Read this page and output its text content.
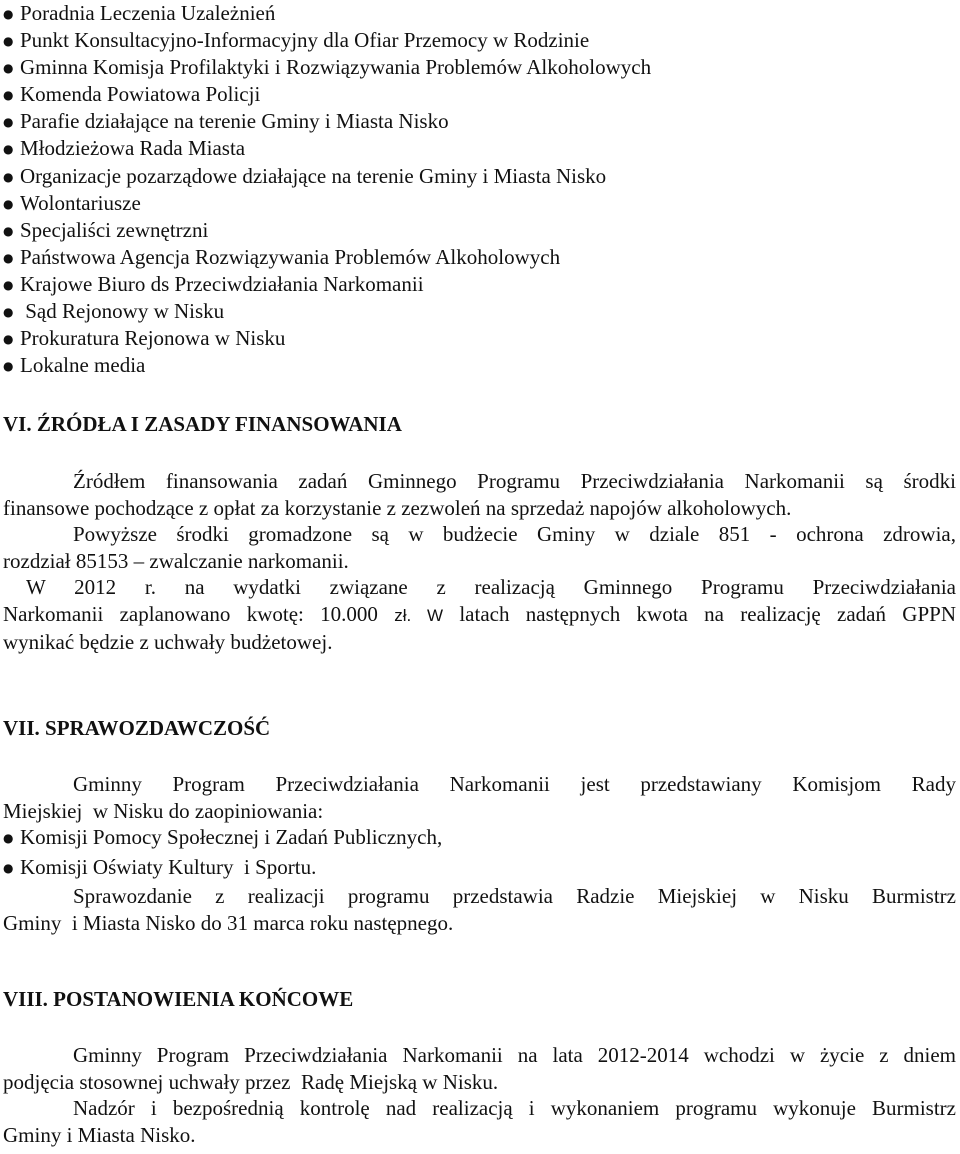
● Poradnia Leczenia Uzależnień
● Punkt Konsultacyjno-Informacyjny dla Ofiar Przemocy w Rodzinie
● Gminna Komisja Profilaktyki i Rozwiązywania Problemów Alkoholowych
● Komenda Powiatowa Policji
● Parafie działające na terenie Gminy i Miasta Nisko
● Młodzieżowa Rada Miasta
● Organizacje pozarządowe działające na terenie Gminy i Miasta Nisko
● Wolontariusze
● Specjaliści zewnętrzni
● Państwowa Agencja Rozwiązywania Problemów Alkoholowych
● Krajowe Biuro ds Przeciwdziałania Narkomanii
● Sąd Rejonowy w Nisku
● Prokuratura Rejonowa w Nisku
● Lokalne media
VI. ŹRÓDŁA I ZASADY FINANSOWANIA
Źródłem finansowania zadań Gminnego Programu Przeciwdziałania Narkomanii są środki
finansowe pochodzące z opłat za korzystanie z zezwoleń na sprzedaż napojów alkoholowych.
Powyższe środki gromadzone są w budżecie Gminy w dziale 851 - ochrona zdrowia,
rozdział 85153 – zwalczanie narkomanii.
W 2012 r. na wydatki związane z realizacją Gminnego Programu Przeciwdziałania
Narkomanii zaplanowano kwotę: 10.000 zł. W latach następnych kwota na realizację zadań GPPN
wynikać będzie z uchwały budżetowej.
VII. SPRAWOZDAWCZOŚĆ
Gminny Program Przeciwdziałania Narkomanii jest przedstawiany Komisjom Rady
Miejskiej  w Nisku do zaopiniowania:
● Komisji Pomocy Społecznej i Zadań Publicznych,
● Komisji Oświaty Kultury  i Sportu.
Sprawozdanie z realizacji programu przedstawia Radzie Miejskiej w Nisku Burmistrz
Gminy  i Miasta Nisko do 31 marca roku następnego.
VIII. POSTANOWIENIA KOŃCOWE
Gminny Program Przeciwdziałania Narkomanii na lata 2012-2014 wchodzi w życie z dniem
podjęcia stosownej uchwały przez  Radę Miejską w Nisku.
Nadzór i bezpośrednią kontrolę nad realizacją i wykonaniem programu wykonuje Burmistrz
Gminy i Miasta Nisko.
